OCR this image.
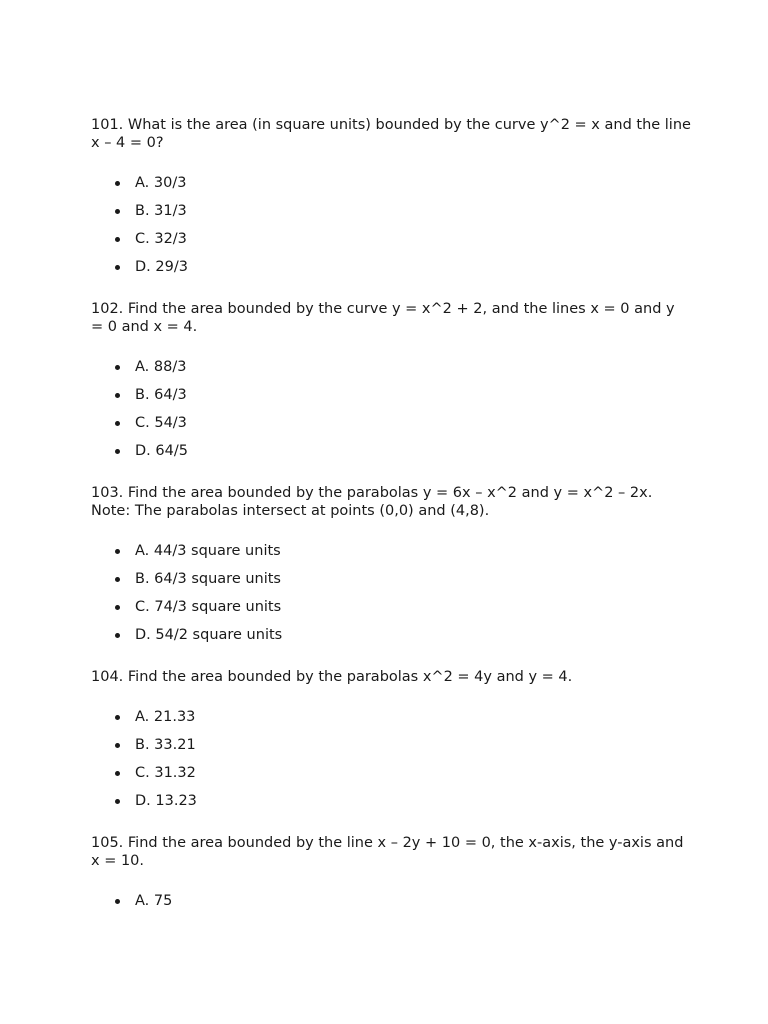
101. What is the area (in square units) bounded by the curve y^2 = x and the line x – 4 = 0?

A. 30/3
B. 31/3
C. 32/3
D. 29/3

102. Find the area bounded by the curve y = x^2 + 2, and the lines x = 0 and y = 0 and x = 4.

A. 88/3
B. 64/3
C. 54/3
D. 64/5

103. Find the area bounded by the parabolas y = 6x – x^2 and y = x^2 – 2x. Note: The parabolas intersect at points (0,0) and (4,8).

A. 44/3 square units
B. 64/3 square units
C. 74/3 square units
D. 54/2 square units

104. Find the area bounded by the parabolas x^2 = 4y and y = 4.

A. 21.33
B. 33.21
C. 31.32
D. 13.23

105. Find the area bounded by the line x – 2y + 10 = 0, the x-axis, the y-axis and x = 10.

A. 75
